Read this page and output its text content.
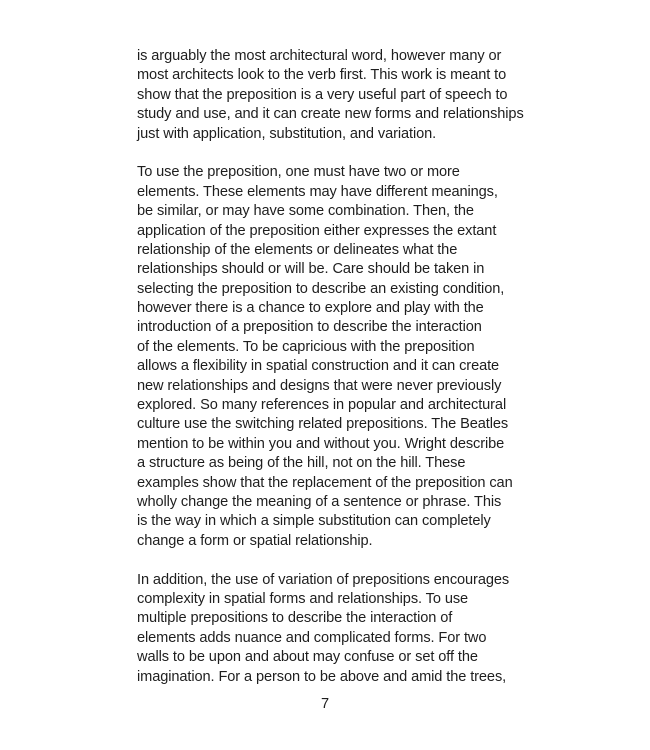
is arguably the most architectural word, however many or
most architects look to the verb first. This work is meant to
show that the preposition is a very useful part of speech to
study and use, and it can create new forms and relationships
just with application, substitution, and variation.

To use the preposition, one must have two or more
elements. These elements may have different meanings,
be similar, or may have some combination. Then, the
application of the preposition either expresses the extant
relationship of the elements or delineates what the
relationships should or will be. Care should be taken in
selecting the preposition to describe an existing condition,
however there is a chance to explore and play with the
introduction of a preposition to describe the interaction
of the elements. To be capricious with the preposition
allows a flexibility in spatial construction and it can create
new relationships and designs that were never previously
explored. So many references in popular and architectural
culture use the switching related prepositions. The Beatles
mention to be within you and without you. Wright describe
a structure as being of the hill, not on the hill. These
examples show that the replacement of the preposition can
wholly change the meaning of a sentence or phrase. This
is the way in which a simple substitution can completely
change a form or spatial relationship.

In addition, the use of variation of prepositions encourages
complexity in spatial forms and relationships. To use
multiple prepositions to describe the interaction of
elements adds nuance and complicated forms. For two
walls to be upon and about may confuse or set off the
imagination. For a person to be above and amid the trees,

7
